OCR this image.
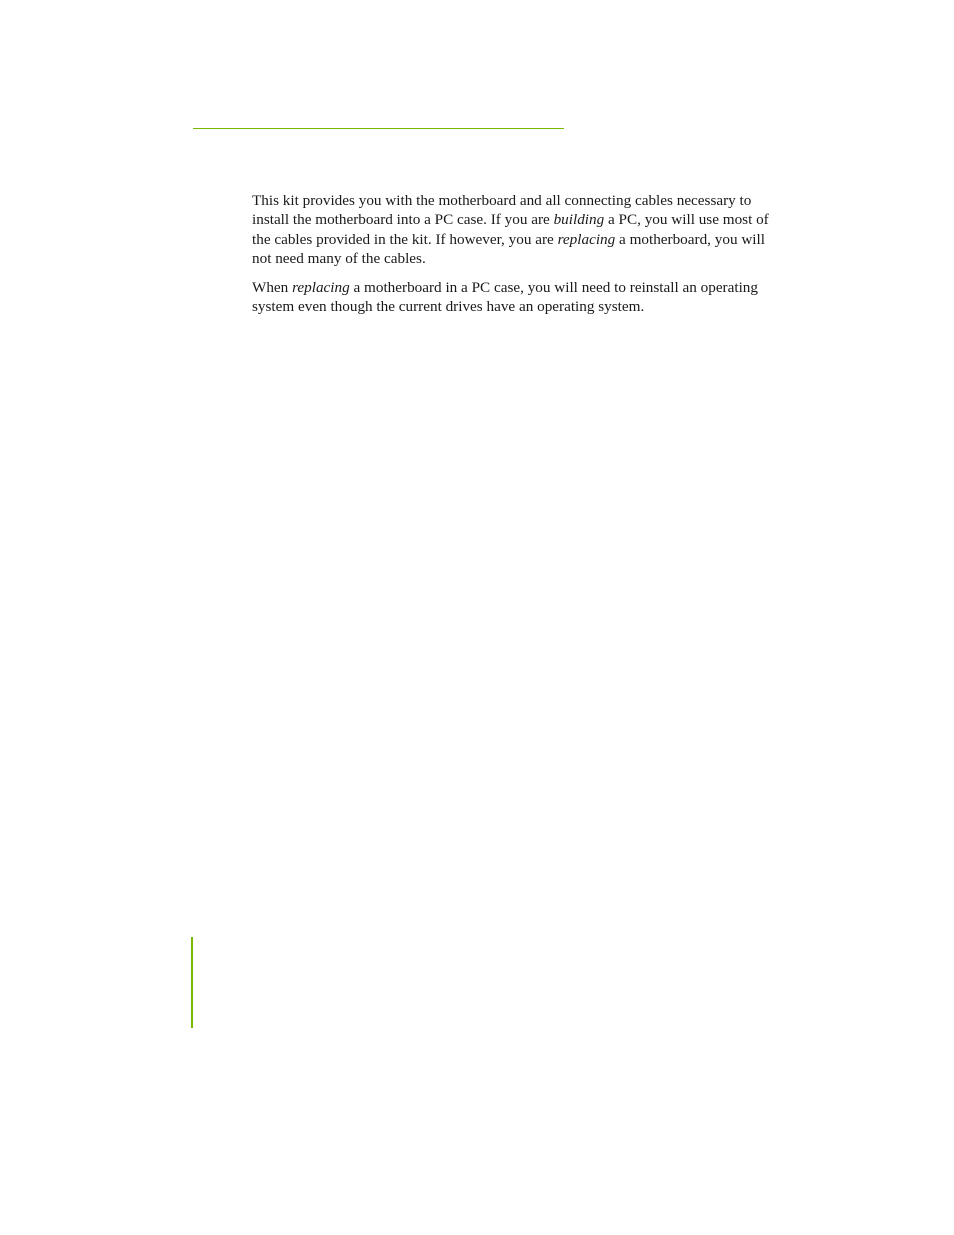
This kit provides you with the motherboard and all connecting cables necessary to install the motherboard into a PC case. If you are building a PC, you will use most of the cables provided in the kit. If however, you are replacing a motherboard, you will not need many of the cables.

When replacing a motherboard in a PC case, you will need to reinstall an operating system even though the current drives have an operating system.
